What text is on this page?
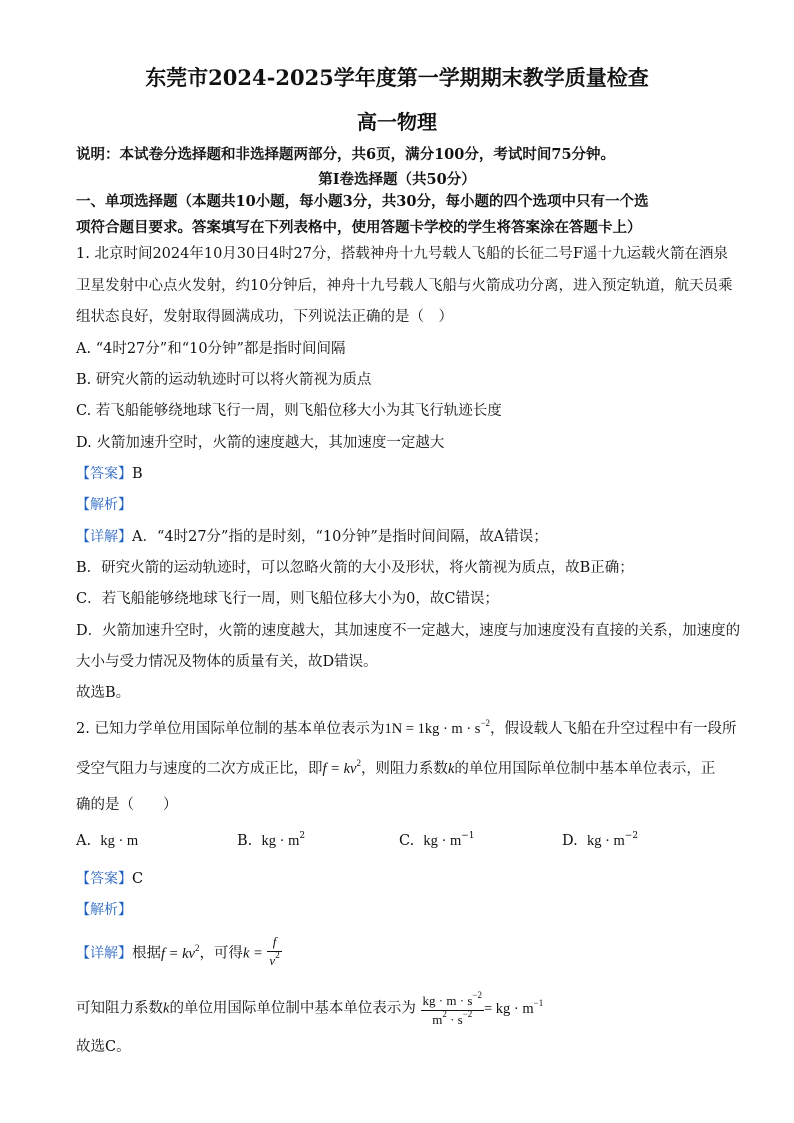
东莞市2024-2025学年度第一学期期末教学质量检查
高一物理
说明：本试卷分选择题和非选择题两部分，共6页，满分100分，考试时间75分钟。
第I卷选择题（共50分）
一、单项选择题（本题共10小题，每小题3分，共30分，每小题的四个选项中只有一个选
项符合题目要求。答案填写在下列表格中，使用答题卡学校的学生将答案涂在答题卡上）
1. 北京时间2024年10月30日4时27分，搭载神舟十九号载人飞船的长征二号F遥十九运载火箭在酒泉
卫星发射中心点火发射，约10分钟后，神舟十九号载人飞船与火箭成功分离，进入预定轨道，航天员乘
组状态良好，发射取得圆满成功，下列说法正确的是（　）
A. “4时27分”和“10分钟”都是指时间间隔
B. 研究火箭的运动轨迹时可以将火箭视为质点
C. 若飞船能够绕地球飞行一周，则飞船位移大小为其飞行轨迹长度
D. 火箭加速升空时，火箭的速度越大，其加速度一定越大
【答案】B
【解析】
【详解】A．“4时27分”指的是时刻，“10分钟”是指时间间隔，故A错误；
B．研究火箭的运动轨迹时，可以忽略火箭的大小及形状，将火箭视为质点，故B正确；
C．若飞船能够绕地球飞行一周，则飞船位移大小为0，故C错误；
D．火箭加速升空时，火箭的速度越大，其加速度不一定越大，速度与加速度没有直接的关系，加速度的
大小与受力情况及物体的质量有关，故D错误。
故选B。
2. 已知力学单位用国际单位制的基本单位表示为$1N = 1kg \cdot m \cdot s^{-2}$，假设载人飞船在升空过程中有一段所
受空气阻力与速度的二次方成正比，即$f = kv^2$，则阻力系数k的单位用国际单位制中基本单位表示，正
确的是（　　）
A. kg · m	B. kg · $m^2$	C. kg · $m^{-1}$	D. kg · $m^{-2}$
【答案】C
【解析】
【详解】根据$f = kv^2$，可得$k = \frac{f}{v^2}$
可知阻力系数k的单位用国际单位制中基本单位表示为 $\frac{kg \cdot m \cdot s^{-2}}{m^2 \cdot s^{-2}}$ = kg · $m^{-1}$
故选C。
